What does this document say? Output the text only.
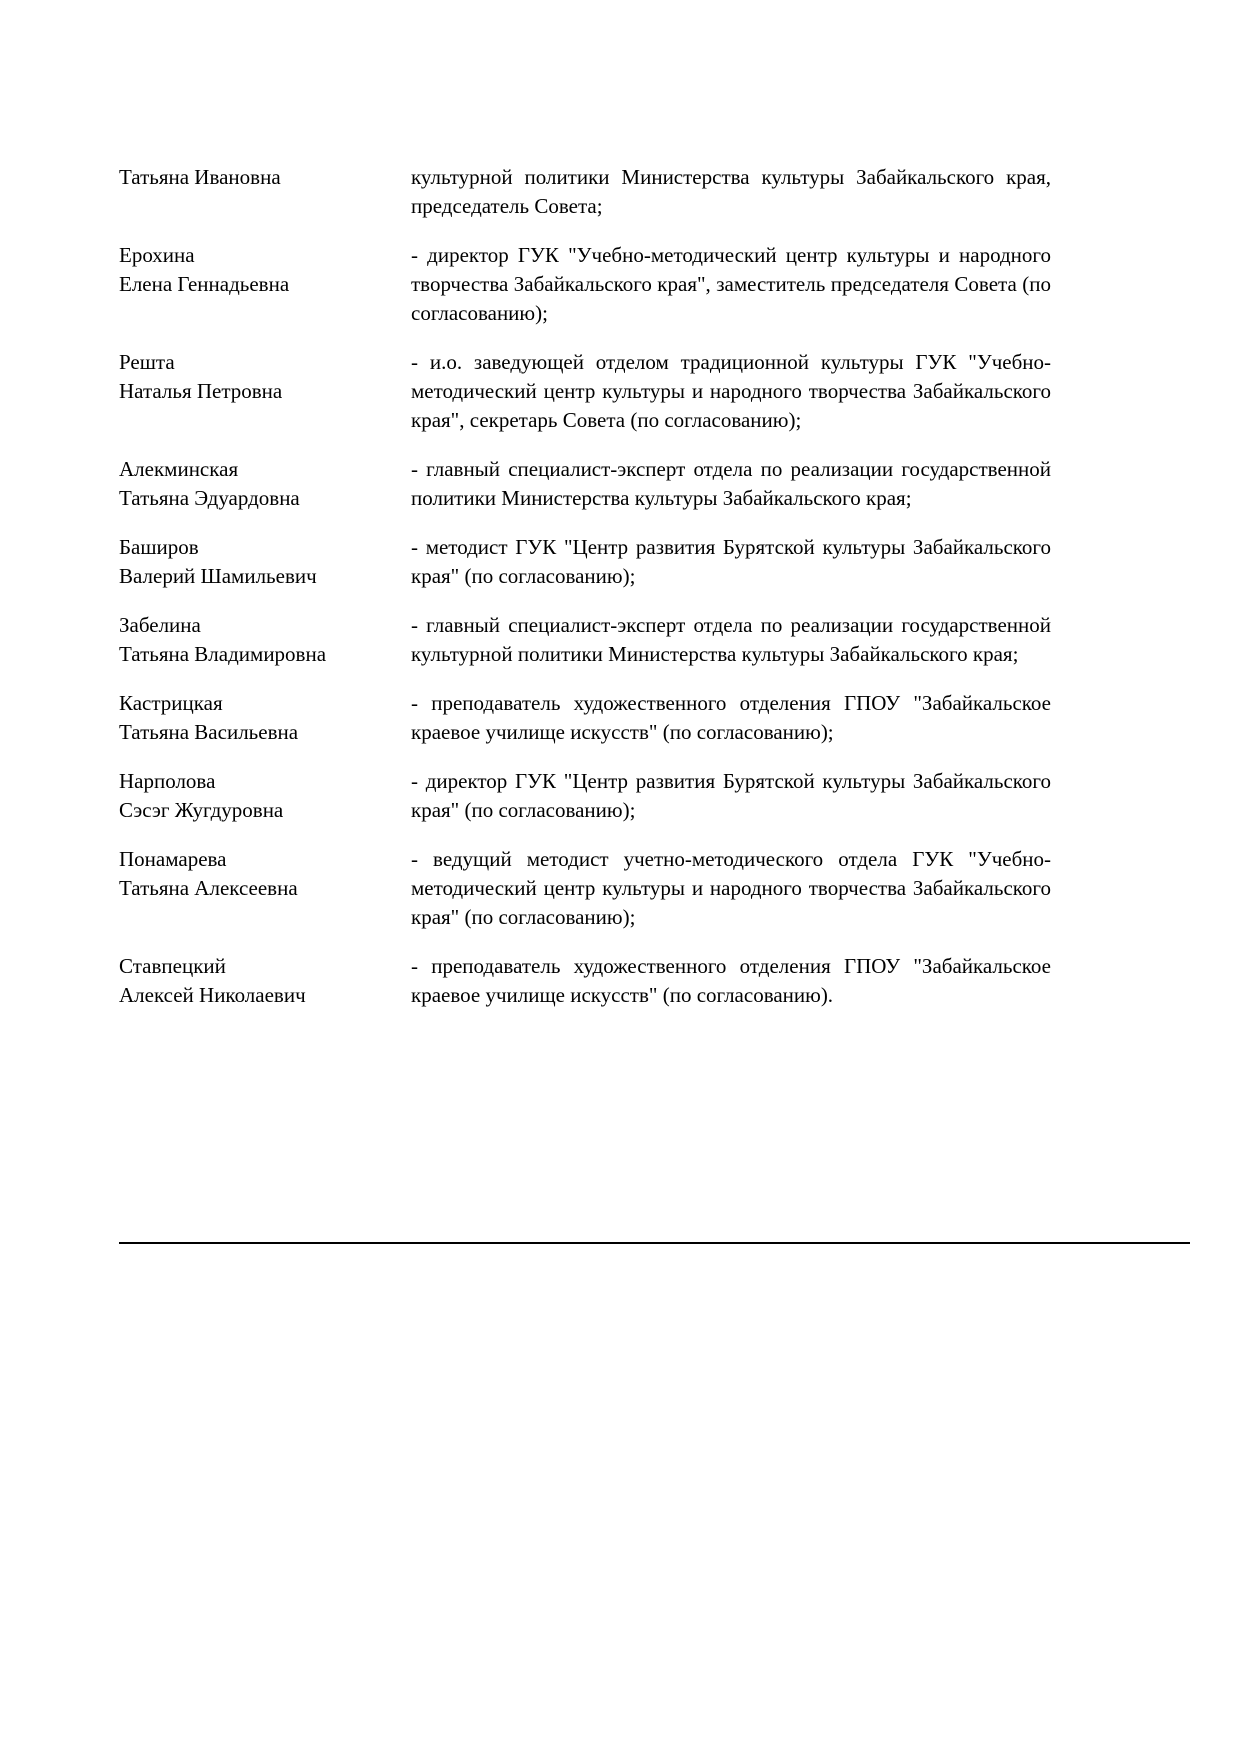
Татьяна Ивановна	культурной политики Министерства культуры Забайкальского края, председатель Совета;
Ерохина
Елена Геннадьевна
- директор ГУК "Учебно-методический центр культуры и народного творчества Забайкальского края", заместитель председателя Совета (по согласованию);
Решта
Наталья Петровна
- и.о. заведующей отделом традиционной культуры ГУК "Учебно-методический центр культуры и народного творчества Забайкальского края", секретарь Совета (по согласованию);
Алекминская
Татьяна Эдуардовна
- главный специалист-эксперт отдела по реализации государственной политики Министерства культуры Забайкальского края;
Баширов
Валерий Шамильевич
- методист ГУК "Центр развития Бурятской культуры Забайкальского края" (по согласованию);
Забелина
Татьяна Владимировна
- главный специалист-эксперт отдела по реализации государственной культурной политики Министерства культуры Забайкальского края;
Кастрицкая
Татьяна Васильевна
- преподаватель художественного отделения ГПОУ "Забайкальское краевое училище искусств" (по согласованию);
Нарполова
Сэсэг Жугдуровна
- директор ГУК "Центр развития Бурятской культуры Забайкальского края" (по согласованию);
Понамарева
Татьяна Алексеевна
- ведущий методист учетно-методического отдела ГУК "Учебно-методический центр культуры и народного творчества Забайкальского края" (по согласованию);
Ставпецкий
Алексей Николаевич
- преподаватель художественного отделения ГПОУ "Забайкальское краевое училище искусств" (по согласованию).
